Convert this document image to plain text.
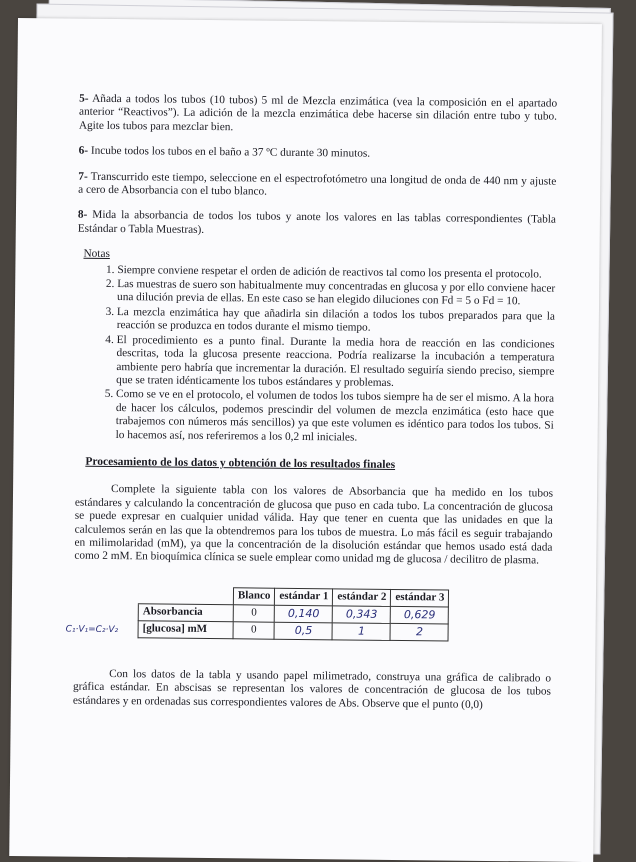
5- Añada a todos los tubos (10 tubos) 5 ml de Mezcla enzimática (vea la composición en el apartado anterior “Reactivos”). La adición de la mezcla enzimática debe hacerse sin dilación entre tubo y tubo. Agite los tubos para mezclar bien.

6- Incube todos los tubos en el baño a 37 ºC durante 30 minutos.

7- Transcurrido este tiempo, seleccione en el espectrofotómetro una longitud de onda de 440 nm y ajuste a cero de Absorbancia con el tubo blanco.

8- Mida la absorbancia de todos los tubos y anote los valores en las tablas correspondientes (Tabla Estándar o Tabla Muestras).

Notas
1. Siempre conviene respetar el orden de adición de reactivos tal como los presenta el protocolo.
2. Las muestras de suero son habitualmente muy concentradas en glucosa y por ello conviene hacer una dilución previa de ellas. En este caso se han elegido diluciones con Fd = 5 o Fd = 10.
3. La mezcla enzimática hay que añadirla sin dilación a todos los tubos preparados para que la reacción se produzca en todos durante el mismo tiempo.
4. El procedimiento es a punto final. Durante la media hora de reacción en las condiciones descritas, toda la glucosa presente reacciona. Podría realizarse la incubación a temperatura ambiente pero habría que incrementar la duración. El resultado seguiría siendo preciso, siempre que se traten idénticamente los tubos estándares y problemas.
5. Como se ve en el protocolo, el volumen de todos los tubos siempre ha de ser el mismo. A la hora de hacer los cálculos, podemos prescindir del volumen de mezcla enzimática (esto hace que trabajemos con números más sencillos) ya que este volumen es idéntico para todos los tubos. Si lo hacemos así, nos referiremos a los 0,2 ml iniciales.
Procesamiento de los datos y obtención de los resultados finales

Complete la siguiente tabla con los valores de Absorbancia que ha medido en los tubos estándares y calculando la concentración de glucosa que puso en cada tubo. La concentración de glucosa se puede expresar en cualquier unidad válida. Hay que tener en cuenta que las unidades en que la calculemos serán en las que la obtendremos para los tubos de muestra. Lo más fácil es seguir trabajando en milimolaridad (mM), ya que la concentración de la disolución estándar que hemos usado está dada como 2 mM. En bioquímica clínica se suele emplear como unidad mg de glucosa / decilitro de plasma.

C₁·V₁=C₂·V₂
	Blanco	estándar 1	estándar 2	estándar 3
Absorbancia	0	0,140	0,343	0,629
[glucosa] mM	0	0,5	1	2

Con los datos de la tabla y usando papel milimetrado, construya una gráfica de calibrado o gráfica estándar. En abscisas se representan los valores de concentración de glucosa de los tubos estándares y en ordenadas sus correspondientes valores de Abs. Observe que el punto (0,0)
